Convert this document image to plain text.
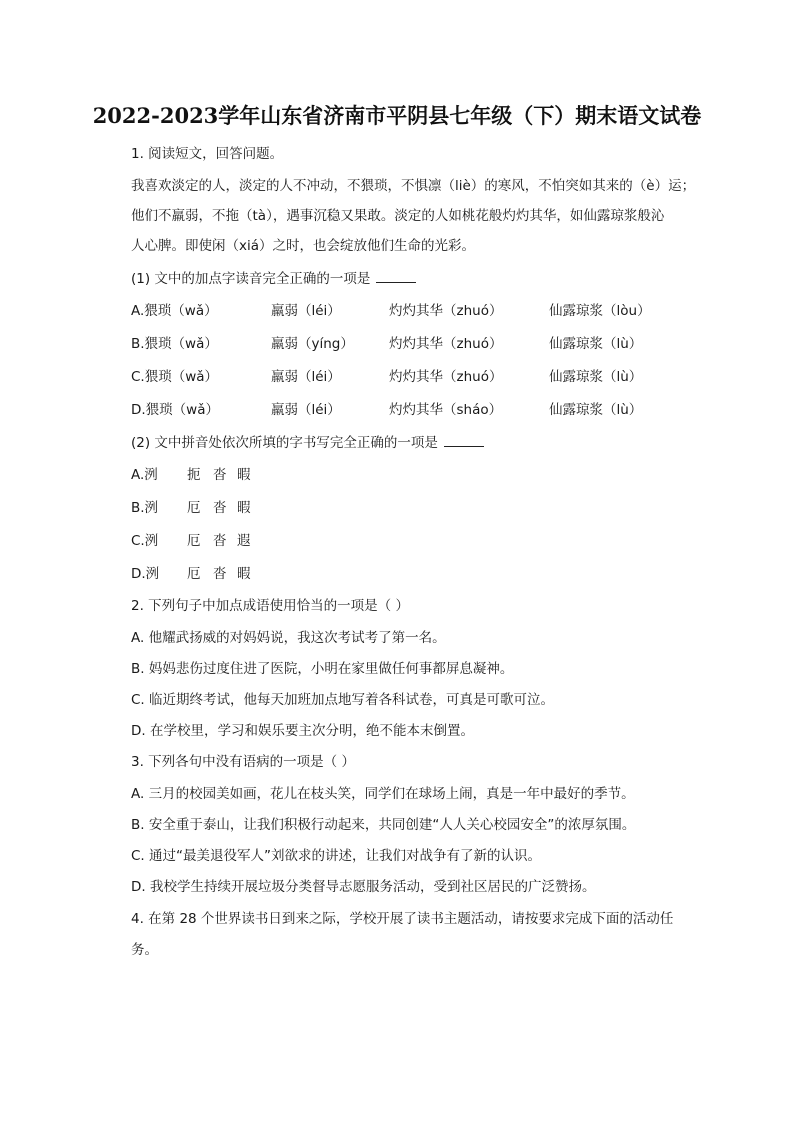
2022-2023学年山东省济南市平阴县七年级（下）期末语文试卷
1. 阅读短文，回答问题。
我喜欢淡定的人，淡定的人不冲动，不猥琐，不惧凛（liè）的寒风，不怕突如其来的（è）运；
他们不羸弱，不拖（tà），遇事沉稳又果敢。淡定的人如桃花般灼灼其华，如仙露琼浆般沁
人心脾。即使闲（xiá）之时，也会绽放他们生命的光彩。
(1) 文中的加点字读音完全正确的一项是
A.猥琐（wǎ）	羸弱（léi）	灼灼其华（zhuó）	仙露琼浆（lòu）
B.猥琐（wǎ）	羸弱（yíng）	灼灼其华（zhuó）	仙露琼浆（lù）
C.猥琐（wǎ）	羸弱（léi）	灼灼其华（zhuó）	仙露琼浆（lù）
D.猥琐（wǎ）	羸弱（léi）	灼灼其华（sháo）	仙露琼浆（lù）
(2) 文中拼音处依次所填的字书写完全正确的一项是
A.洌 扼 沓 暇
B.洌 厄 沓 暇
C.洌 厄 沓 遐
D.洌 厄 沓 暇
2. 下列句子中加点成语使用恰当的一项是（ ）
A. 他耀武扬威的对妈妈说，我这次考试考了第一名。
B. 妈妈悲伤过度住进了医院，小明在家里做任何事都屏息凝神。
C. 临近期终考试，他每天加班加点地写着各科试卷，可真是可歌可泣。
D. 在学校里，学习和娱乐要主次分明，绝不能本末倒置。
3. 下列各句中没有语病的一项是（ ）
A. 三月的校园美如画，花儿在枝头笑，同学们在球场上闹，真是一年中最好的季节。
B. 安全重于泰山，让我们积极行动起来，共同创建“人人关心校园安全”的浓厚氛围。
C. 通过“最美退役军人”刘欲求的讲述，让我们对战争有了新的认识。
D. 我校学生持续开展垃圾分类督导志愿服务活动，受到社区居民的广泛赞扬。
4. 在第 28 个世界读书日到来之际，学校开展了读书主题活动，请按要求完成下面的活动任
务。
